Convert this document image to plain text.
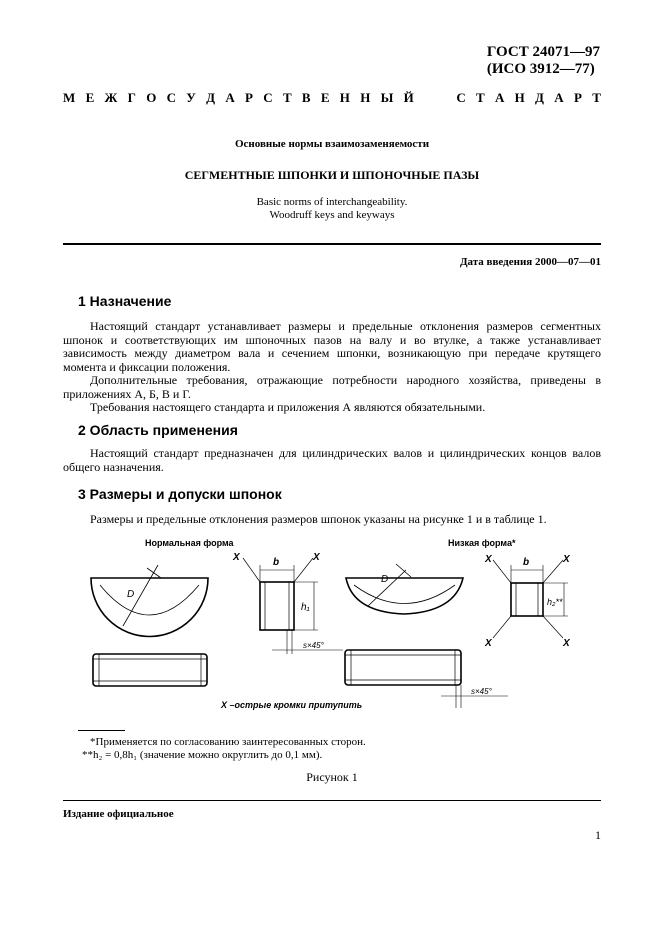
ГОСТ 24071—97
(ИСО 3912—77)
М Е Ж Г О С У Д А Р С Т В Е Н Н Ы Й	С Т А Н Д А Р Т
Основные нормы взаимозаменяемости
СЕГМЕНТНЫЕ ШПОНКИ И ШПОНОЧНЫЕ ПАЗЫ
Basic norms of interchangeability.
Woodruff keys and keyways
Дата введения 2000—07—01
1 Назначение

Настоящий стандарт устанавливает размеры и предельные отклонения размеров сегментных шпонок и соответствующих им шпоночных пазов на валу и во втулке, а также устанавливает зависимость между диаметром вала и сечением шпонки, возникающую при передаче крутящего момента и фиксации положения.

Дополнительные требования, отражающие потребности народного хозяйства, приведены в приложениях А, Б, В и Г.

Требования настоящего стандарта и приложения А являются обязательными.

2 Область применения

Настоящий стандарт предназначен для цилиндрических валов и цилиндрических концов валов общего назначения.

3 Размеры и допуски шпонок

Размеры и предельные отклонения размеров шпонок указаны на рисунке 1 и в таблице 1.

Нормальная форма	Низкая форма*
D
b
h₁
X	X
s×45°
D
b
h₂**
X	X
X	X
s×45°
X –острые кромки притупить
*Применяется по согласованию заинтересованных сторон.
**h₂ = 0,8h₁ (значение можно округлить до 0,1 мм).
Рисунок 1
Издание официальное
1
